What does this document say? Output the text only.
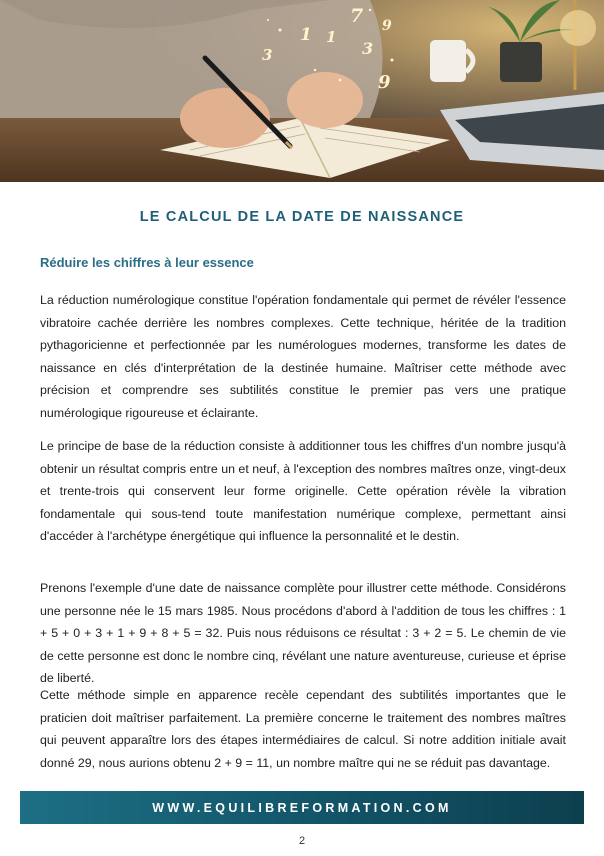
3
1 1
7
3
9
9
LE CALCUL DE LA DATE DE NAISSANCE
Réduire les chiffres à leur essence

La réduction numérologique constitue l'opération fondamentale qui permet de révéler l'essence vibratoire cachée derrière les nombres complexes. Cette technique, héritée de la tradition pythagoricienne et perfectionnée par les numérologues modernes, transforme les dates de naissance en clés d'interprétation de la destinée humaine. Maîtriser cette méthode avec précision et comprendre ses subtilités constitue le premier pas vers une pratique numérologique rigoureuse et éclairante.

Le principe de base de la réduction consiste à additionner tous les chiffres d'un nombre jusqu'à obtenir un résultat compris entre un et neuf, à l'exception des nombres maîtres onze, vingt-deux et trente-trois qui conservent leur forme originelle. Cette opération révèle la vibration fondamentale qui sous-tend toute manifestation numérique complexe, permettant ainsi d'accéder à l'archétype énergétique qui influence la personnalité et le destin.

Prenons l'exemple d'une date de naissance complète pour illustrer cette méthode. Considérons une personne née le 15 mars 1985. Nous procédons d'abord à l'addition de tous les chiffres : 1 + 5 + 0 + 3 + 1 + 9 + 8 + 5 = 32. Puis nous réduisons ce résultat : 3 + 2 = 5. Le chemin de vie de cette personne est donc le nombre cinq, révélant une nature aventureuse, curieuse et éprise de liberté.

Cette méthode simple en apparence recèle cependant des subtilités importantes que le praticien doit maîtriser parfaitement. La première concerne le traitement des nombres maîtres qui peuvent apparaître lors des étapes intermédiaires de calcul. Si notre addition initiale avait donné 29, nous aurions obtenu 2 + 9 = 11, un nombre maître qui ne se réduit pas davantage.

WWW.EQUILIBREFORMATION.COM
2
